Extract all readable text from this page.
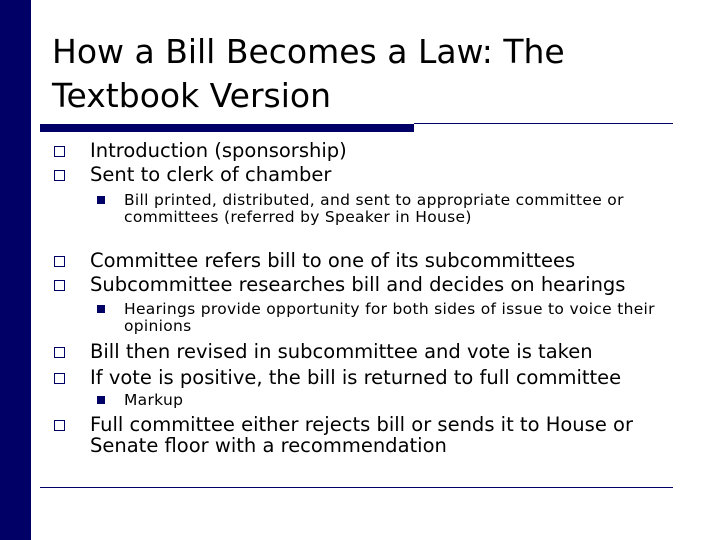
How a Bill Becomes a Law: The
Textbook Version
Introduction (sponsorship)
Sent to clerk of chamber
Bill printed, distributed, and sent to appropriate committee or committees (referred by Speaker in House)
Committee refers bill to one of its subcommittees
Subcommittee researches bill and decides on hearings
Hearings provide opportunity for both sides of issue to voice their opinions
Bill then revised in subcommittee and vote is taken
If vote is positive, the bill is returned to full committee
Markup
Full committee either rejects bill or sends it to House or Senate floor with a recommendation
